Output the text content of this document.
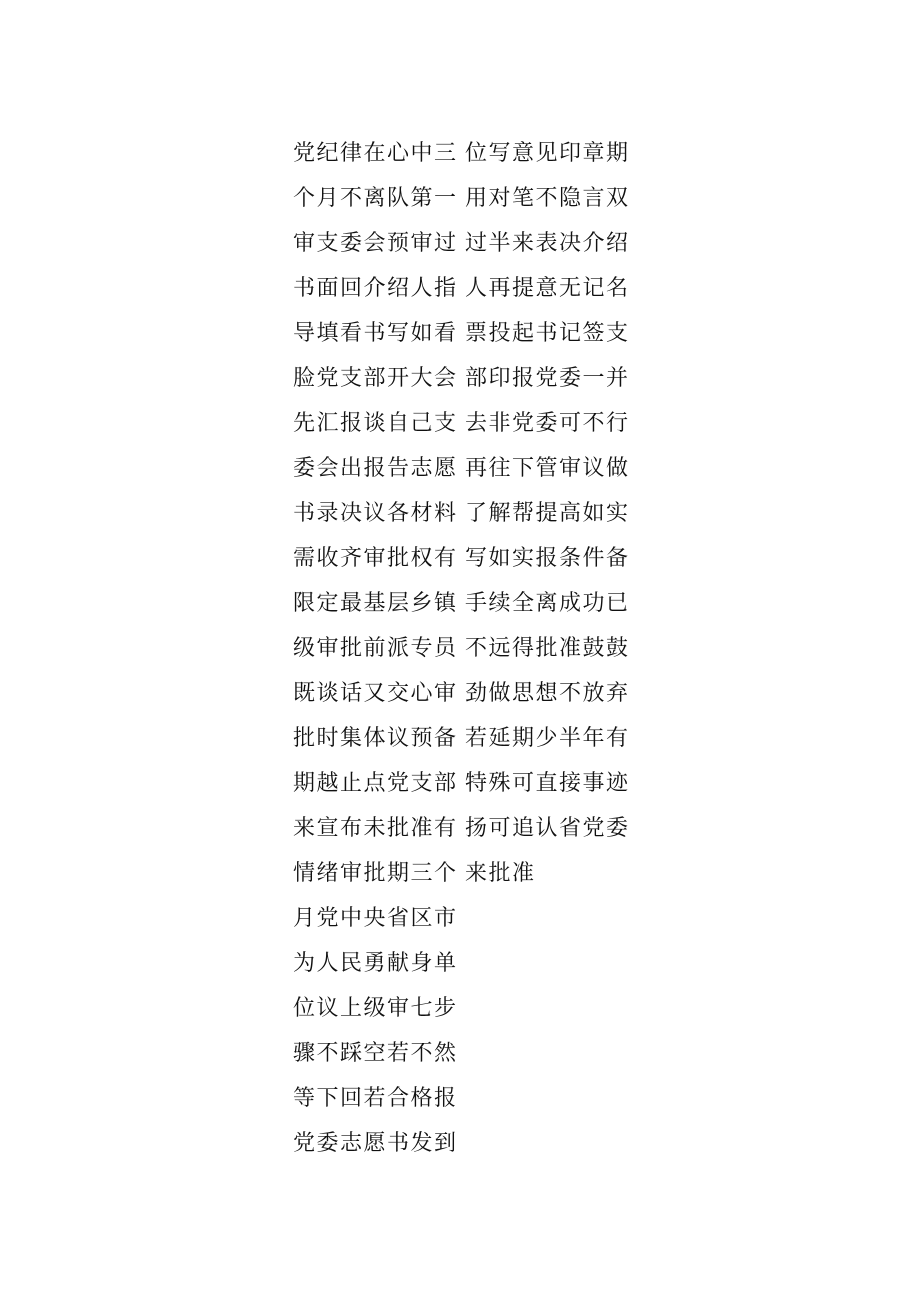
党纪律在心中三
个月不离队第一
审支委会预审过
书面回介绍人指
导填看书写如看
脸党支部开大会
先汇报谈自己支
委会出报告志愿
书录决议各材料
需收齐审批权有
限定最基层乡镇
级审批前派专员
既谈话又交心审
批时集体议预备
期越止点党支部
来宣布未批准有
情绪审批期三个
月党中央省区市
为人民勇献身单
位议上级审七步
骤不踩空若不然
等下回若合格报
党委志愿书发到
位写意见印章期
用对笔不隐言双
过半来表决介绍
人再提意无记名
票投起书记签支
部印报党委一并
去非党委可不行
再往下管审议做
了解帮提高如实
写如实报条件备
手续全离成功已
不远得批准鼓鼓
劲做思想不放弃
若延期少半年有
特殊可直接事迹
扬可追认省党委
来批准
